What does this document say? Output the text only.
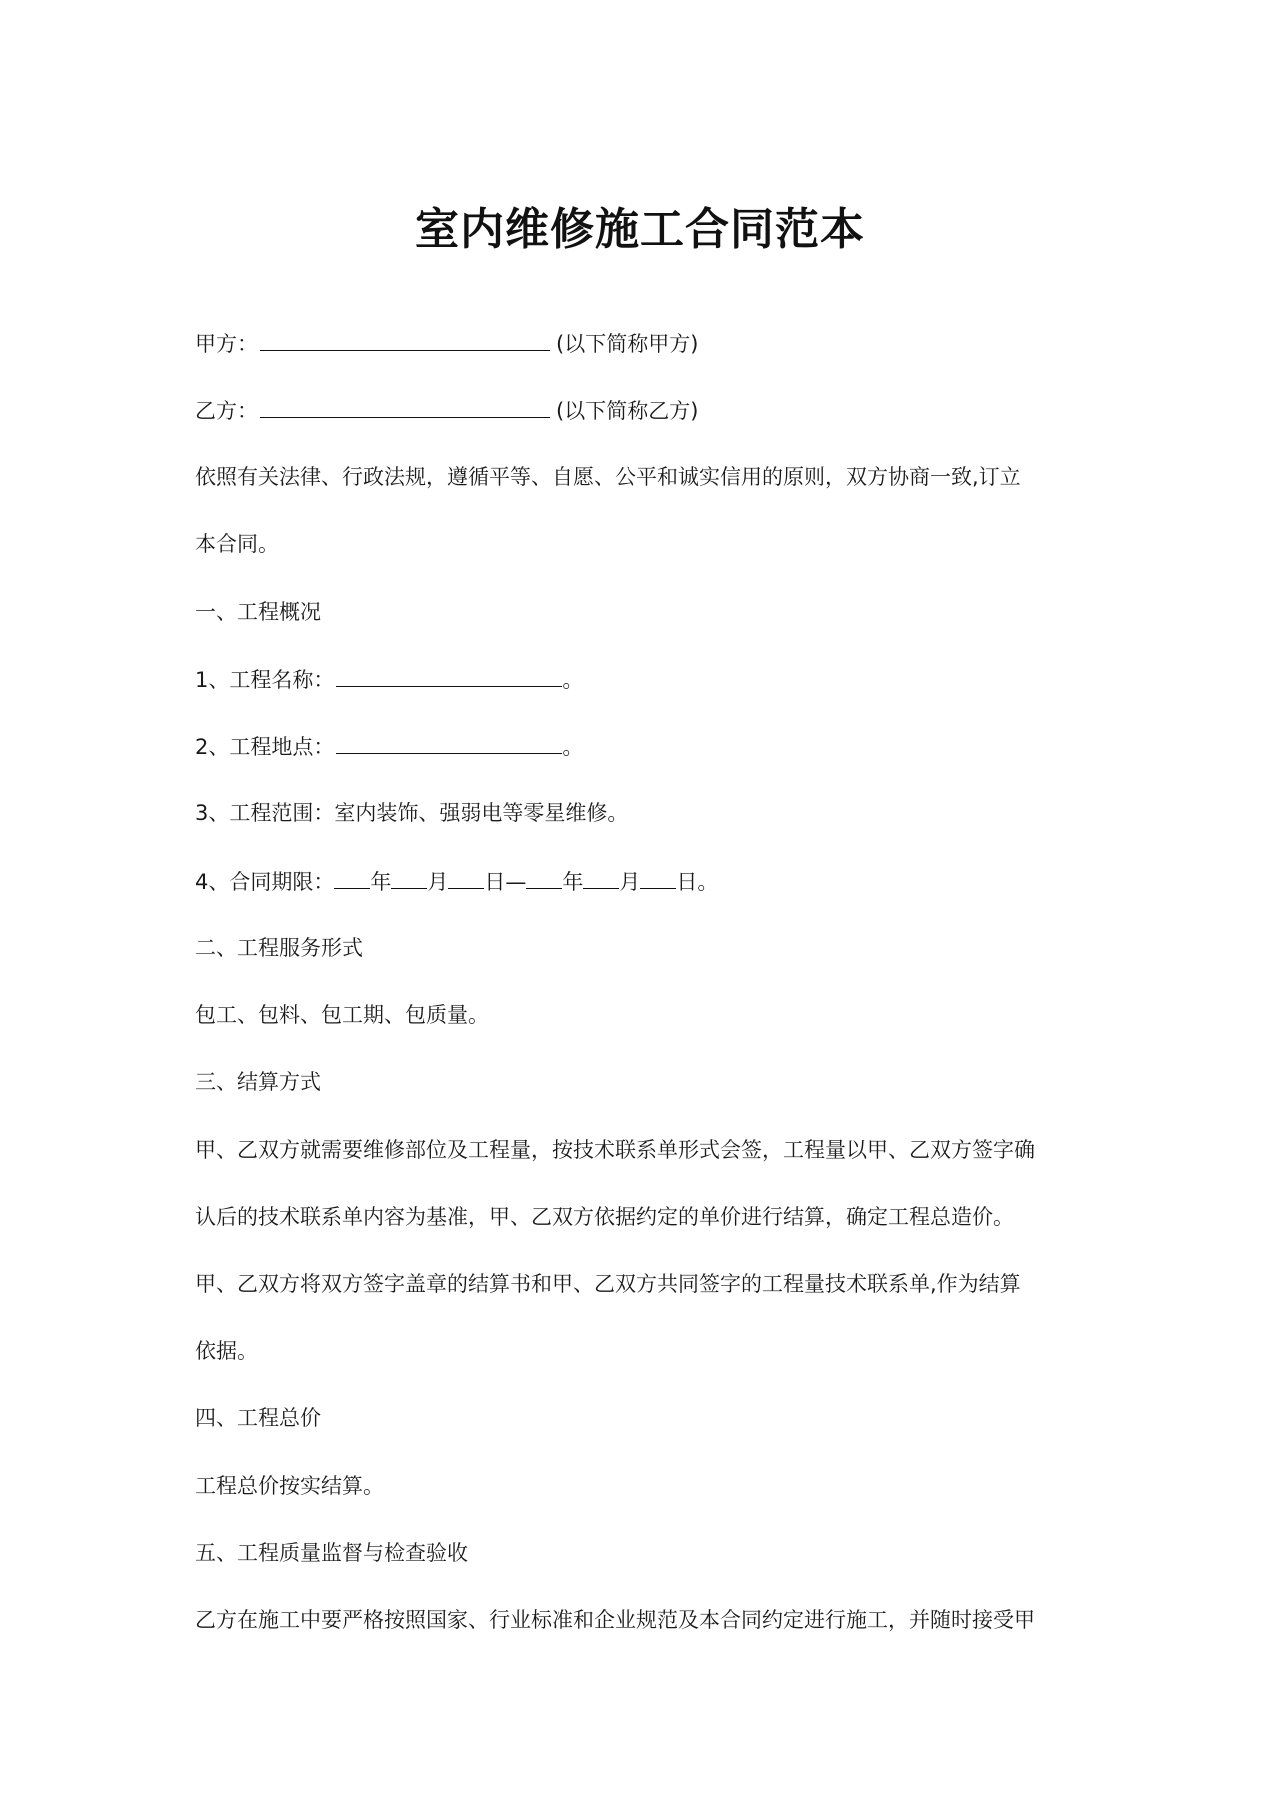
室内维修施工合同范本
甲方：	(以下简称甲方)
乙方：	(以下简称乙方)
依照有关法律、行政法规，遵循平等、自愿、公平和诚实信用的原则，双方协商一致,订立
本合同。
一、工程概况
1、工程名称：	。
2、工程地点：	。
3、工程范围：室内装饰、强弱电等零星维修。
4、合同期限： 年 月 日— 年 月 日。
二、工程服务形式
包工、包料、包工期、包质量。
三、结算方式
甲、乙双方就需要维修部位及工程量，按技术联系单形式会签，工程量以甲、乙双方签字确
认后的技术联系单内容为基准，甲、乙双方依据约定的单价进行结算，确定工程总造价。
甲、乙双方将双方签字盖章的结算书和甲、乙双方共同签字的工程量技术联系单,作为结算
依据。
四、工程总价
工程总价按实结算。
五、工程质量监督与检查验收
乙方在施工中要严格按照国家、行业标准和企业规范及本合同约定进行施工，并随时接受甲
